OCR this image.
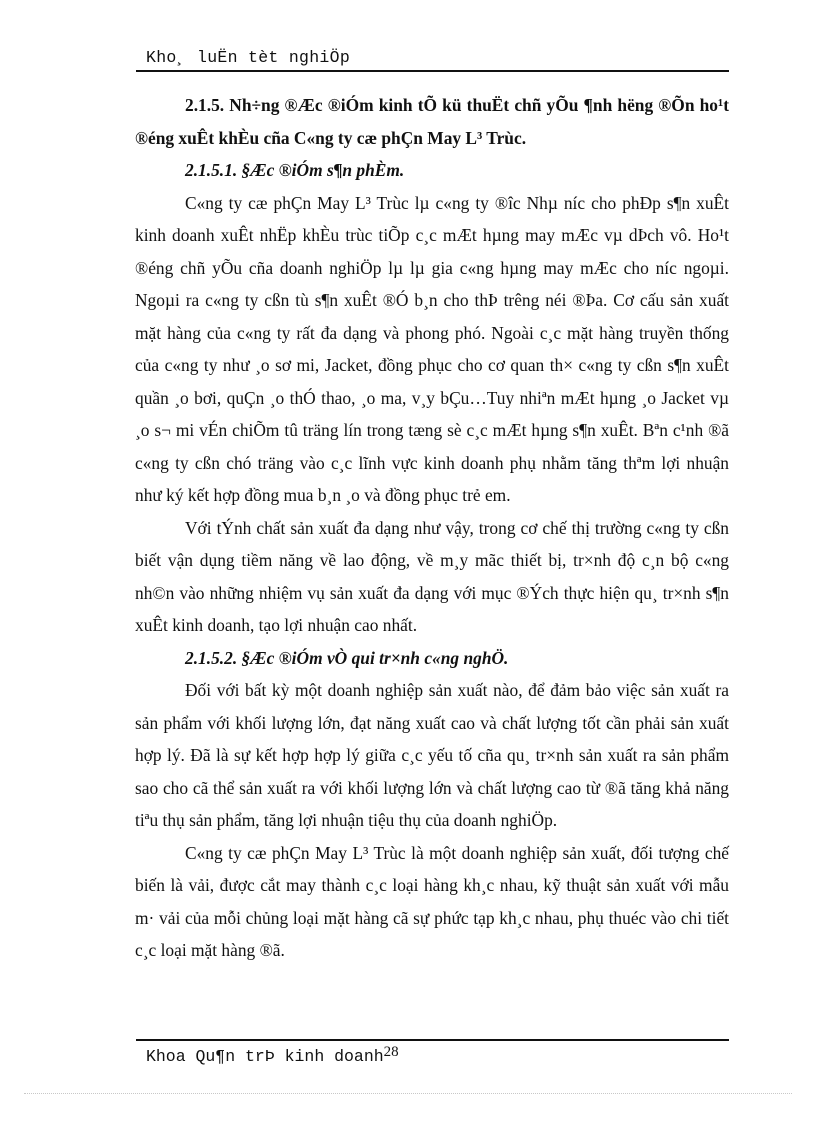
Kho¸ luËn tèt nghiÖp

2.1.5. Nh÷ng ®Æc ®iÓm kinh tÕ kü thuËt chñ yÕu ¶nh hëng ®Õn ho¹t ®éng xuÊt khÈu cña C«ng ty cæ phÇn May L³ Trùc.

2.1.5.1. §Æc ®iÓm s¶n phÈm.

C«ng ty cæ phÇn May L³ Trùc lµ c«ng ty ®îc Nhµ níc cho phÐp s¶n xuÊt kinh doanh xuÊt nhËp khÈu trùc tiÕp c¸c mÆt hµng may mÆc vµ dÞch vô. Ho¹t ®éng chñ yÕu cña doanh nghiÖp lµ lµ gia c«ng hµng may mÆc cho níc ngoµi. Ngoµi ra c«ng ty cßn tù s¶n xuÊt ®Ó b¸n cho thÞ trêng néi ®Þa. Cơ cấu sản xuất mặt hàng của c«ng ty rất đa dạng và phong phó. Ngoài c¸c mặt hàng truyền thống của c«ng ty như ¸o sơ mi, Jacket, đồng phục cho cơ quan th× c«ng ty cßn s¶n xuÊt quần ¸o bơi, quÇn ¸o thÓ thao, ¸o ma, v¸y bÇu…Tuy nhiªn mÆt hµng ¸o Jacket vµ ¸o s¬ mi vÉn chiÕm tû träng lín trong tæng sè c¸c mÆt hµng s¶n xuÊt. Bªn c¹nh ®ã c«ng ty cßn chó träng vào c¸c lĩnh vực kinh doanh phụ nhằm tăng thªm lợi nhuận như ký kết hợp đồng mua b¸n ¸o và đồng phục trẻ em.

Với tÝnh chất sản xuất đa dạng như vậy, trong cơ chế thị trường c«ng ty cßn biết vận dụng tiềm năng về lao động, về m¸y mãc thiết bị, tr×nh độ c¸n bộ c«ng nh©n vào những nhiệm vụ sản xuất đa dạng với mục ®Ých thực hiện qu¸ tr×nh s¶n xuÊt kinh doanh, tạo lợi nhuận cao nhất.

2.1.5.2. §Æc ®iÓm vÒ qui tr×nh c«ng nghÖ.

Đối với bất kỳ một doanh nghiệp sản xuất nào, để đảm bảo việc sản xuất ra sản phẩm với khối lượng lớn, đạt năng xuất cao và chất lượng tốt cần phải sản xuất hợp lý. Đã là sự kết hợp hợp lý giữa c¸c yếu tố cña qu¸ tr×nh sản xuất ra sản phẩm sao cho cã thể sản xuất ra với khối lượng lớn và chất lượng cao từ ®ã tăng khả năng tiªu thụ sản phẩm, tăng lợi nhuận tiệu thụ của doanh nghiÖp.

C«ng ty cæ phÇn May L³ Trùc là một doanh nghiệp sản xuất, đối tượng chế biến là vải, được cắt may thành c¸c loại hàng kh¸c nhau, kỹ thuật sản xuất với mẫu m· vải của mỗi chủng loại mặt hàng cã sự phức tạp kh¸c nhau, phụ thuéc vào chi tiết c¸c loại mặt hàng ®ã.

Khoa Qu¶n trÞ kinh doanh28
